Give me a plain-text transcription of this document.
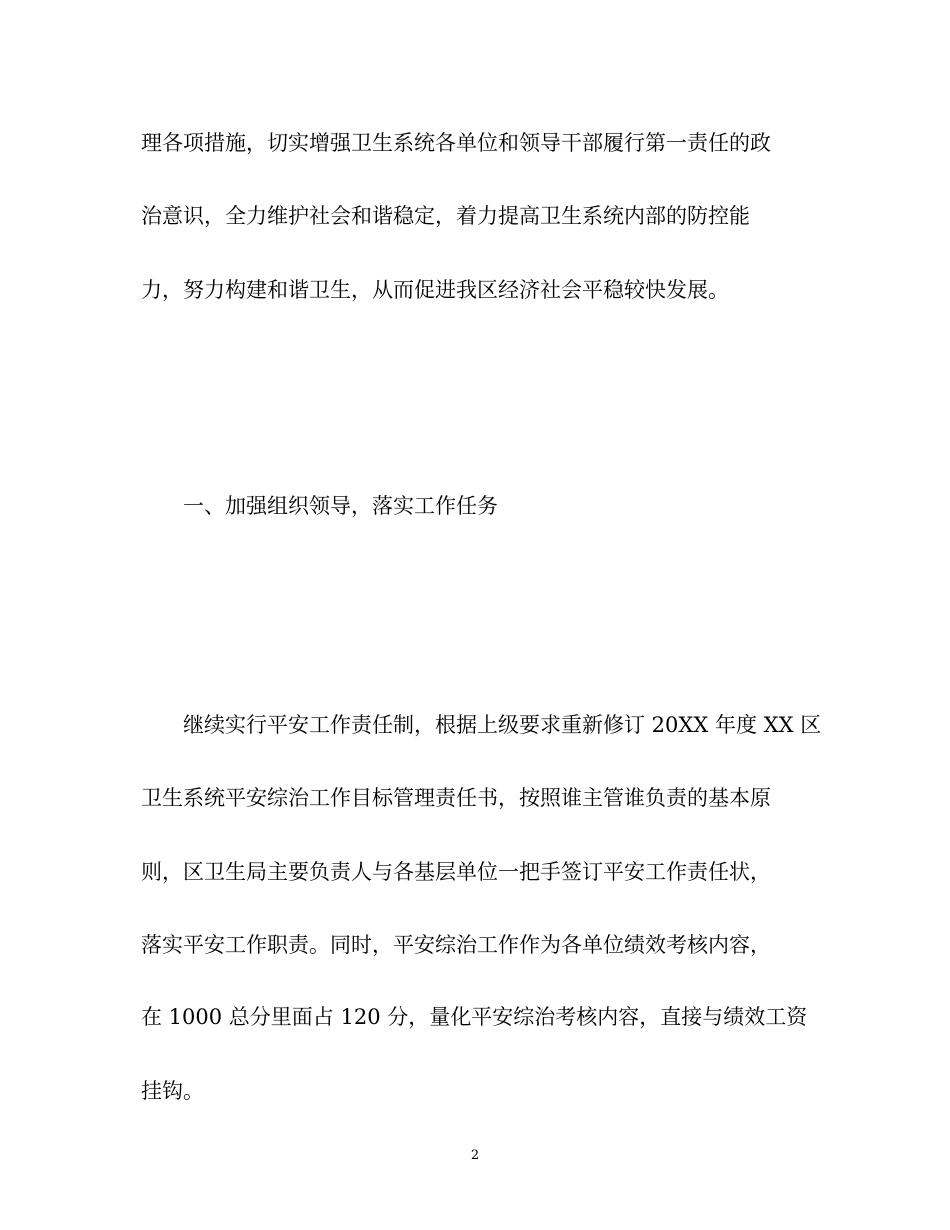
理各项措施，切实增强卫生系统各单位和领导干部履行第一责任的政
治意识，全力维护社会和谐稳定，着力提高卫生系统内部的防控能
力，努力构建和谐卫生，从而促进我区经济社会平稳较快发展。
一、加强组织领导，落实工作任务
继续实行平安工作责任制，根据上级要求重新修订 20XX 年度 XX 区
卫生系统平安综治工作目标管理责任书，按照谁主管谁负责的基本原
则，区卫生局主要负责人与各基层单位一把手签订平安工作责任状，
落实平安工作职责。同时，平安综治工作作为各单位绩效考核内容，
在 1000 总分里面占 120 分，量化平安综治考核内容，直接与绩效工资
挂钩。
2
